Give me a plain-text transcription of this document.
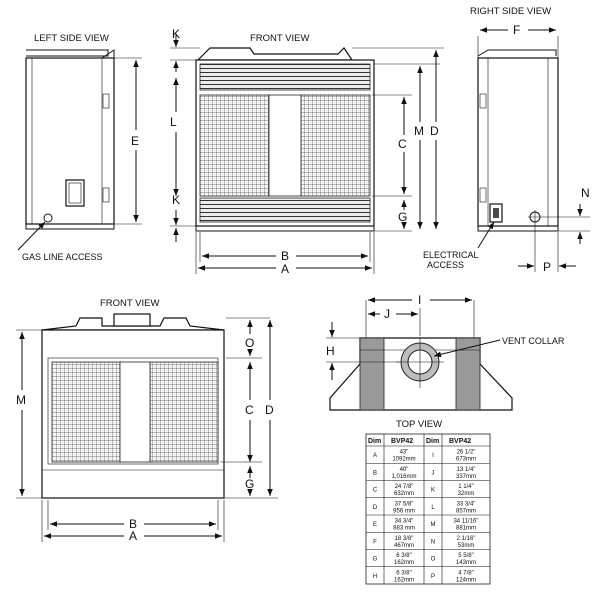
LEFT SIDE VIEW
E
GAS LINE ACCESS
FRONT VIEW
K
L
K
C
G
M D
B
A
RIGHT SIDE VIEW
F
N
P
ELECTRICAL
ACCESS
FRONT VIEW
M
O
C D
G
B
A
I
J
H
VENT COLLAR
TOP VIEW
Dim BVP42 Dim BVP42
A
43"
1092mm
B
40"
1,016mm
C
24 7/8"
632mm
D
37 5/8"
956 mm
E
34 3/4"
883 mm
F
18 3/8"
467mm
G
6 3/8"
162mm
H
6 3/8"
162mm
I
26 1/2"
673mm
J
13 1/4"
337mm
K
1 1/4"
32mm
L
33 3/4"
857mm
M
34 11/16"
881mm
N
2 1/16"
53mm
O
5 5/8"
143mm
P
4 7/8"
124mm
